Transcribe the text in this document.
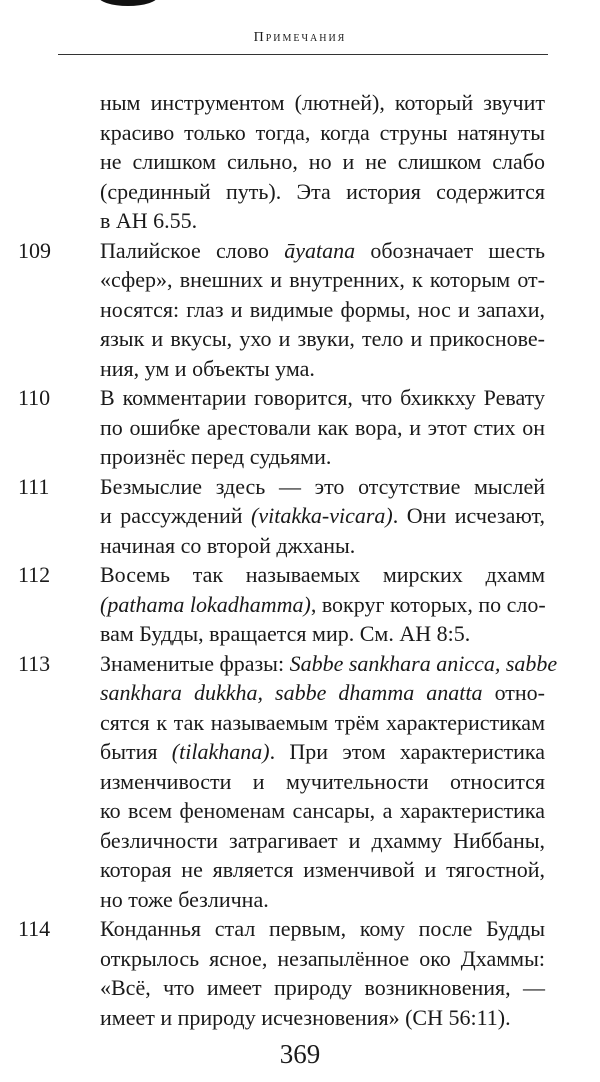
Примечания
ным инструментом (лютней), который звучит
красиво только тогда, когда струны натянуты
не слишком сильно, но и не слишком слабо
(срединный путь). Эта история содержится
в АН 6.55.
109	Палийское слово āyatana обозначает шесть
«сфер», внешних и внутренних, к которым от-
носятся: глаз и видимые формы, нос и запахи,
язык и вкусы, ухо и звуки, тело и прикоснове-
ния, ум и объекты ума.
110	В комментарии говорится, что бхиккху Ревату
по ошибке арестовали как вора, и этот стих он
произнёс перед судьями.
111	Безмыслие здесь — это отсутствие мыслей
и рассуждений (vitakka-vicara). Они исчезают,
начиная со второй джханы.
112	Восемь так называемых мирских дхамм
(pathama lokadhamma), вокруг которых, по сло-
вам Будды, вращается мир. См. АН 8:5.
113	Знаменитые фразы: Sabbe sankhara anicca, sabbe
sankhara dukkha, sabbe dhamma anatta отно-
сятся к так называемым трём характеристикам
бытия (tilakhana). При этом характеристика
изменчивости и мучительности относится
ко всем феноменам сансары, а характеристика
безличности затрагивает и дхамму Ниббаны,
которая не является изменчивой и тягостной,
но тоже безлична.
114	Конданнья стал первым, кому после Будды
открылось ясное, незапылённое око Дхаммы:
«Всё, что имеет природу возникновения, —
имеет и природу исчезновения» (СН 56:11).
369
